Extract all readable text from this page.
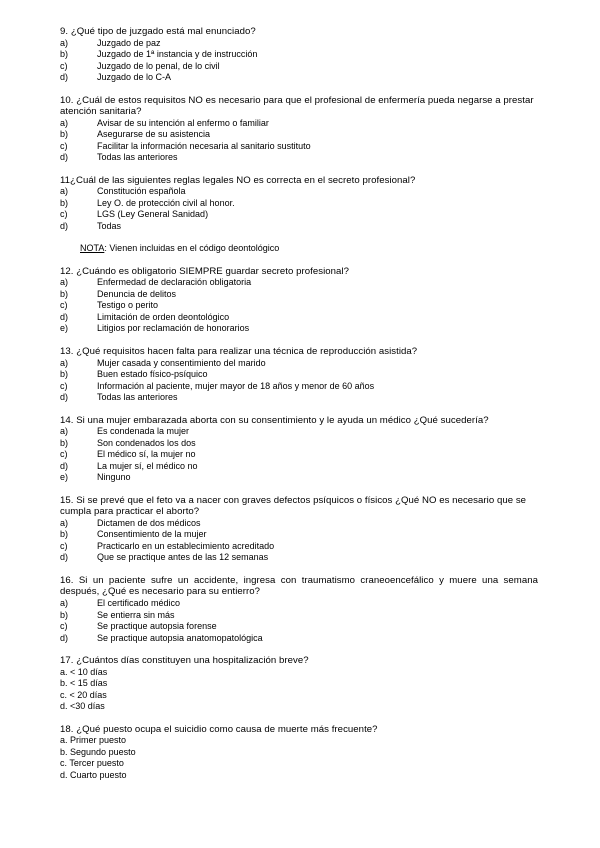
9. ¿Qué tipo de juzgado está mal enunciado?
a)	Juzgado de paz
b)	Juzgado de 1ª instancia y de instrucción
c)	Juzgado de lo penal, de lo civil
d)	Juzgado de lo C-A
10. ¿Cuál de estos requisitos NO es necesario para que el profesional de enfermería pueda negarse a prestar atención sanitaria?
a)	Avisar de su intención al enfermo o familiar
b)	Asegurarse de su asistencia
c)	Facilitar la información necesaria al sanitario sustituto
d)	Todas las anteriores
11¿Cuál de las siguientes reglas legales NO es correcta en el secreto profesional?
a)	Constitución española
b)	Ley O. de protección civil al honor.
c)	LGS (Ley General Sanidad)
d)	Todas
NOTA: Vienen incluidas en el código deontológico
12. ¿Cuándo es obligatorio SIEMPRE guardar secreto profesional?
a)	Enfermedad de declaración obligatoria
b)	Denuncia de delitos
c)	Testigo o perito
d)	Limitación de orden deontológico
e)	Litigios por reclamación de honorarios
13. ¿Qué requisitos hacen falta para realizar una técnica de reproducción asistida?
a)	Mujer casada y consentimiento del marido
b)	Buen estado físico-psíquico
c)	Información al paciente, mujer mayor de 18 años y menor de 60 años
d)	Todas las anteriores
14. Si una mujer embarazada aborta con su consentimiento y le ayuda un médico ¿Qué sucedería?
a)	Es condenada la mujer
b)	Son condenados los dos
c)	El médico sí, la mujer no
d)	La mujer sí, el médico no
e)	Ninguno
15. Si se prevé que el feto va a nacer con graves defectos psíquicos o físicos ¿Qué NO es necesario que se cumpla para practicar el aborto?
a)	Dictamen de dos médicos
b)	Consentimiento de la mujer
c)	Practicarlo en un establecimiento acreditado
d)	Que se practique antes de las 12 semanas
16. Si un paciente sufre un accidente, ingresa con traumatismo craneoencefálico y muere una semana después, ¿Qué es necesario para su entierro?
a)	El certificado médico
b)	Se entierra sin más
c)	Se practique autopsia forense
d)	Se practique autopsia anatomopatológica
17. ¿Cuántos días constituyen una hospitalización breve?
a. < 10 días
b. < 15 días
c. < 20 días
d. <30 días
18. ¿Qué puesto ocupa el suicidio como causa de muerte más frecuente?
a. Primer puesto
b. Segundo puesto
c. Tercer puesto
d. Cuarto puesto
